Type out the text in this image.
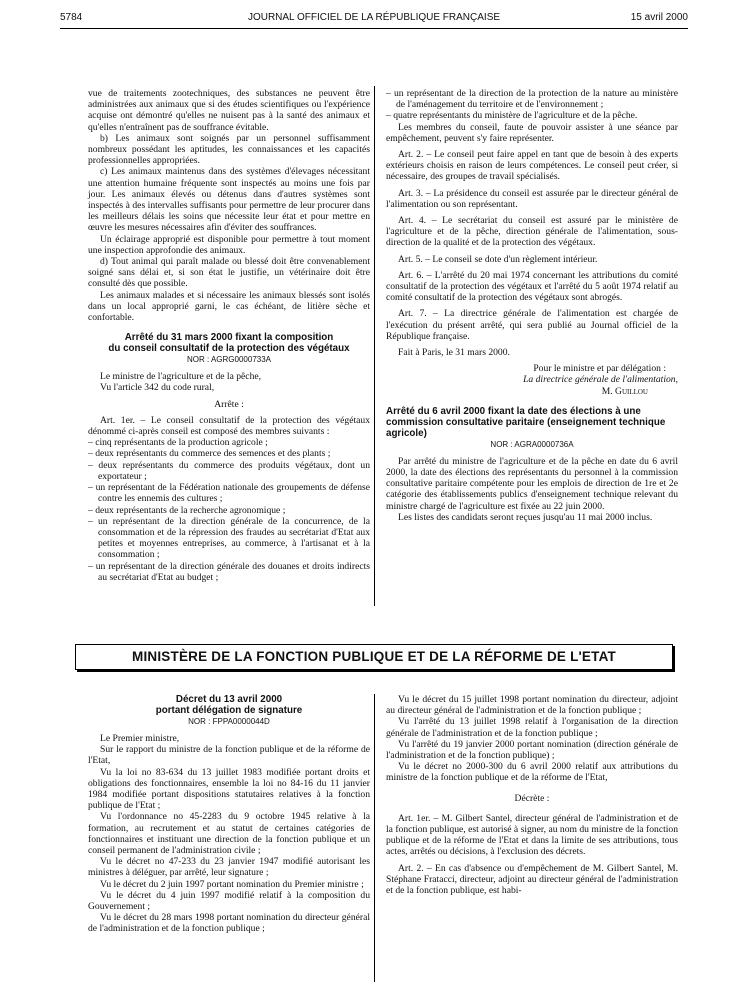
5784	JOURNAL OFFICIEL DE LA RÉPUBLIQUE FRANÇAISE	15 avril 2000

vue de traitements zootechniques, des substances ne peuvent être administrées aux animaux que si des études scientifiques ou l'expérience acquise ont démontré qu'elles ne nuisent pas à la santé des animaux et qu'elles n'entraînent pas de souffrance évitable.

b) Les animaux sont soignés par un personnel suffisamment nombreux possédant les aptitudes, les connaissances et les capacités professionnelles appropriées.

c) Les animaux maintenus dans des systèmes d'élevages nécessitant une attention humaine fréquente sont inspectés au moins une fois par jour. Les animaux élevés ou détenus dans d'autres systèmes sont inspectés à des intervalles suffisants pour permettre de leur procurer dans les meilleurs délais les soins que nécessite leur état et pour mettre en œuvre les mesures nécessaires afin d'éviter des souffrances.

Un éclairage approprié est disponible pour permettre à tout moment une inspection approfondie des animaux.

d) Tout animal qui paraît malade ou blessé doit être convenablement soigné sans délai et, si son état le justifie, un vétérinaire doit être consulté dès que possible.

Les animaux malades et si nécessaire les animaux blessés sont isolés dans un local approprié garni, le cas échéant, de litière sèche et confortable.

Arrêté du 31 mars 2000 fixant la composition

du conseil consultatif de la protection des végétaux

NOR : AGRG0000733A

Le ministre de l'agriculture et de la pêche,

Vu l'article 342 du code rural,

Arrête :

Art. 1er. – Le conseil consultatif de la protection des végétaux dénommé ci-après conseil est composé des membres suivants :

– cinq représentants de la production agricole ;

– deux représentants du commerce des semences et des plants ;

– deux représentants du commerce des produits végétaux, dont un exportateur ;

– un représentant de la Fédération nationale des groupements de défense contre les ennemis des cultures ;

– deux représentants de la recherche agronomique ;

– un représentant de la direction générale de la concurrence, de la consommation et de la répression des fraudes au secrétariat d'Etat aux petites et moyennes entreprises, au commerce, à l'artisanat et à la consommation ;

– un représentant de la direction générale des douanes et droits indirects au secrétariat d'Etat au budget ;

– un représentant de la direction de la protection de la nature au ministère de l'aménagement du territoire et de l'environnement ;

– quatre représentants du ministère de l'agriculture et de la pêche.

Les membres du conseil, faute de pouvoir assister à une séance par empêchement, peuvent s'y faire représenter.

Art. 2. – Le conseil peut faire appel en tant que de besoin à des experts extérieurs choisis en raison de leurs compétences. Le conseil peut créer, si nécessaire, des groupes de travail spécialisés.

Art. 3. – La présidence du conseil est assurée par le directeur général de l'alimentation ou son représentant.

Art. 4. – Le secrétariat du conseil est assuré par le ministère de l'agriculture et de la pêche, direction générale de l'alimentation, sous-direction de la qualité et de la protection des végétaux.

Art. 5. – Le conseil se dote d'un règlement intérieur.

Art. 6. – L'arrêté du 20 mai 1974 concernant les attributions du comité consultatif de la protection des végétaux et l'arrêté du 5 août 1974 relatif au comité consultatif de la protection des végétaux sont abrogés.

Art. 7. – La directrice générale de l'alimentation est chargée de l'exécution du présent arrêté, qui sera publié au Journal officiel de la République française.

Fait à Paris, le 31 mars 2000.

Pour le ministre et par délégation :

La directrice générale de l'alimentation,

M. Guillou

Arrêté du 6 avril 2000 fixant la date des élections à une commission consultative paritaire (enseignement technique agricole)

NOR : AGRA0000736A

Par arrêté du ministre de l'agriculture et de la pêche en date du 6 avril 2000, la date des élections des représentants du personnel à la commission consultative paritaire compétente pour les emplois de direction de 1re et 2e catégorie des établissements publics d'enseignement technique relevant du ministre chargé de l'agriculture est fixée au 22 juin 2000.

Les listes des candidats seront reçues jusqu'au 11 mai 2000 inclus.

MINISTÈRE DE LA FONCTION PUBLIQUE ET DE LA RÉFORME DE L'ETAT

Décret du 13 avril 2000

portant délégation de signature

NOR : FPPA0000044D

Le Premier ministre,

Sur le rapport du ministre de la fonction publique et de la réforme de l'Etat,

Vu la loi no 83-634 du 13 juillet 1983 modifiée portant droits et obligations des fonctionnaires, ensemble la loi no 84-16 du 11 janvier 1984 modifiée portant dispositions statutaires relatives à la fonction publique de l'Etat ;

Vu l'ordonnance no 45-2283 du 9 octobre 1945 relative à la formation, au recrutement et au statut de certaines catégories de fonctionnaires et instituant une direction de la fonction publique et un conseil permanent de l'administration civile ;

Vu le décret no 47-233 du 23 janvier 1947 modifié autorisant les ministres à déléguer, par arrêté, leur signature ;

Vu le décret du 2 juin 1997 portant nomination du Premier ministre ;

Vu le décret du 4 juin 1997 modifié relatif à la composition du Gouvernement ;

Vu le décret du 28 mars 1998 portant nomination du directeur général de l'administration et de la fonction publique ;

Vu le décret du 15 juillet 1998 portant nomination du directeur, adjoint au directeur général de l'administration et de la fonction publique ;

Vu l'arrêté du 13 juillet 1998 relatif à l'organisation de la direction générale de l'administration et de la fonction publique ;

Vu l'arrêté du 19 janvier 2000 portant nomination (direction générale de l'administration et de la fonction publique) ;

Vu le décret no 2000-300 du 6 avril 2000 relatif aux attributions du ministre de la fonction publique et de la réforme de l'Etat,

Décrète :

Art. 1er. – M. Gilbert Santel, directeur général de l'administration et de la fonction publique, est autorisé à signer, au nom du ministre de la fonction publique et de la réforme de l'Etat et dans la limite de ses attributions, tous actes, arrêtés ou décisions, à l'exclusion des décrets.

Art. 2. – En cas d'absence ou d'empêchement de M. Gilbert Santel, M. Stéphane Fratacci, directeur, adjoint au directeur général de l'administration et de la fonction publique, est habi-
